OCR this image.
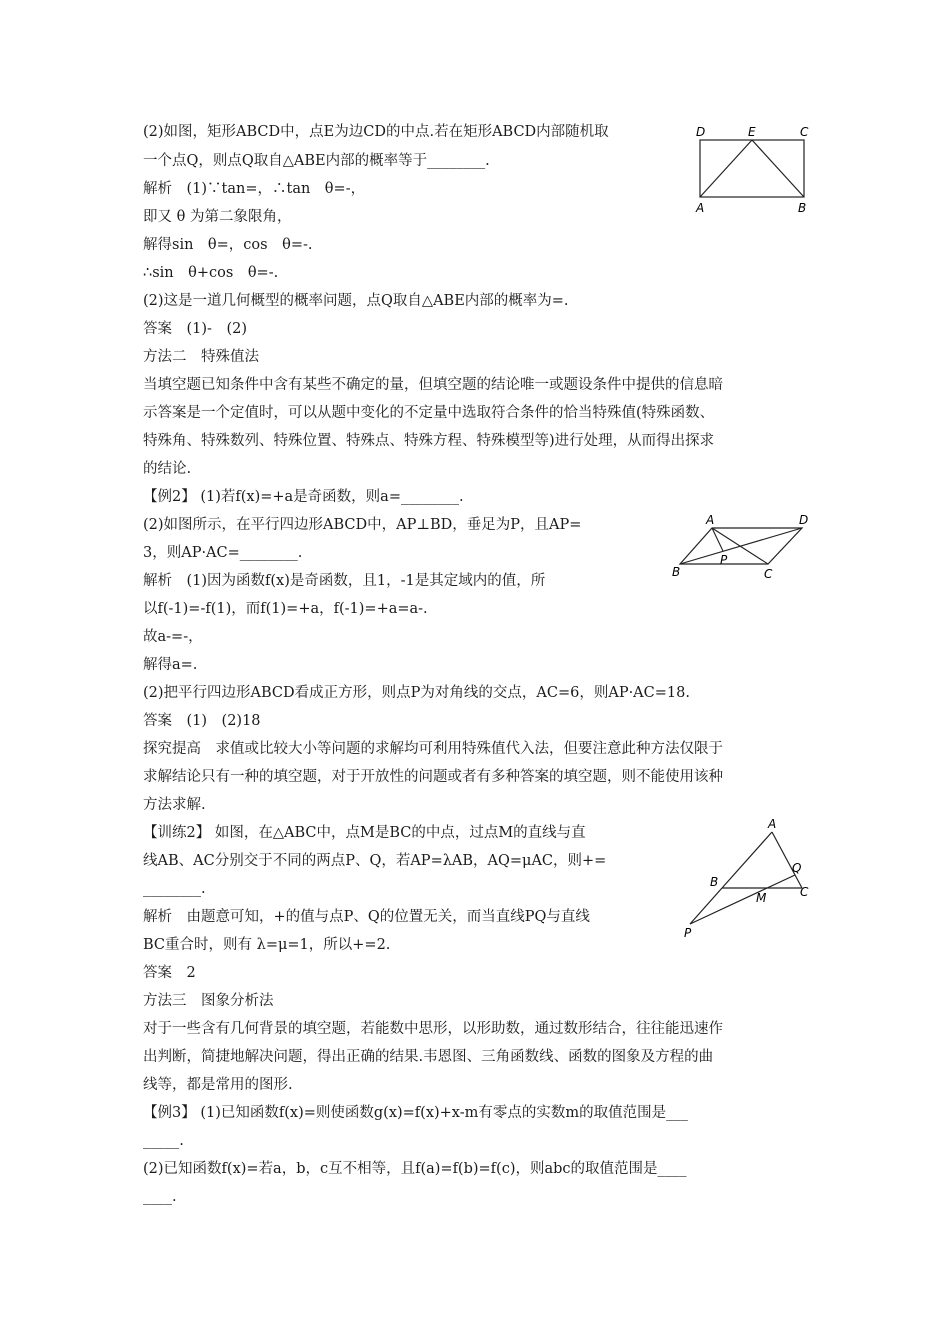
(2)如图，矩形ABCD中，点E为边CD的中点.若在矩形ABCD内部随机取
一个点Q，则点Q取自△ABE内部的概率等于________.
解析　(1)∵tan=，∴tan　θ=-，
即又 θ 为第二象限角，
解得sin　θ=，cos　θ=-.
∴sin　θ+cos　θ=-.
(2)这是一道几何概型的概率问题，点Q取自△ABE内部的概率为=.
答案　(1)-　(2)
方法二　特殊值法
当填空题已知条件中含有某些不确定的量，但填空题的结论唯一或题设条件中提供的信息暗
示答案是一个定值时，可以从题中变化的不定量中选取符合条件的恰当特殊值(特殊函数、
特殊角、特殊数列、特殊位置、特殊点、特殊方程、特殊模型等)进行处理，从而得出探求
的结论.
【例2】 (1)若f(x)=+a是奇函数，则a=________.
(2)如图所示，在平行四边形ABCD中，AP⊥BD，垂足为P，且AP=
3，则AP·AC=________.
解析　(1)因为函数f(x)是奇函数，且1，-1是其定域内的值，所
以f(-1)=-f(1)，而f(1)=+a，f(-1)=+a=a-.
故a-=-，
解得a=.
(2)把平行四边形ABCD看成正方形，则点P为对角线的交点，AC=6，则AP·AC=18.
答案　(1)　(2)18
探究提高　求值或比较大小等问题的求解均可利用特殊值代入法，但要注意此种方法仅限于
求解结论只有一种的填空题，对于开放性的问题或者有多种答案的填空题，则不能使用该种
方法求解.
【训练2】 如图，在△ABC中，点M是BC的中点，过点M的直线与直
线AB、AC分别交于不同的两点P、Q，若AP=λAB，AQ=μAC，则+=
________.
解析　由题意可知，+的值与点P、Q的位置无关，而当直线PQ与直线
BC重合时，则有 λ=μ=1，所以+=2.
答案　2
方法三　图象分析法
对于一些含有几何背景的填空题，若能数中思形，以形助数，通过数形结合，往往能迅速作
出判断，简捷地解决问题，得出正确的结果.韦恩图、三角函数线、函数的图象及方程的曲
线等，都是常用的图形.
【例3】 (1)已知函数f(x)=则使函数g(x)=f(x)+x-m有零点的实数m的取值范围是___
_____.
(2)已知函数f(x)=若a，b，c互不相等，且f(a)=f(b)=f(c)，则abc的取值范围是____
____.
D	E	C
A	B
A	D
B
P
C
A
Q
B
M	C
P
